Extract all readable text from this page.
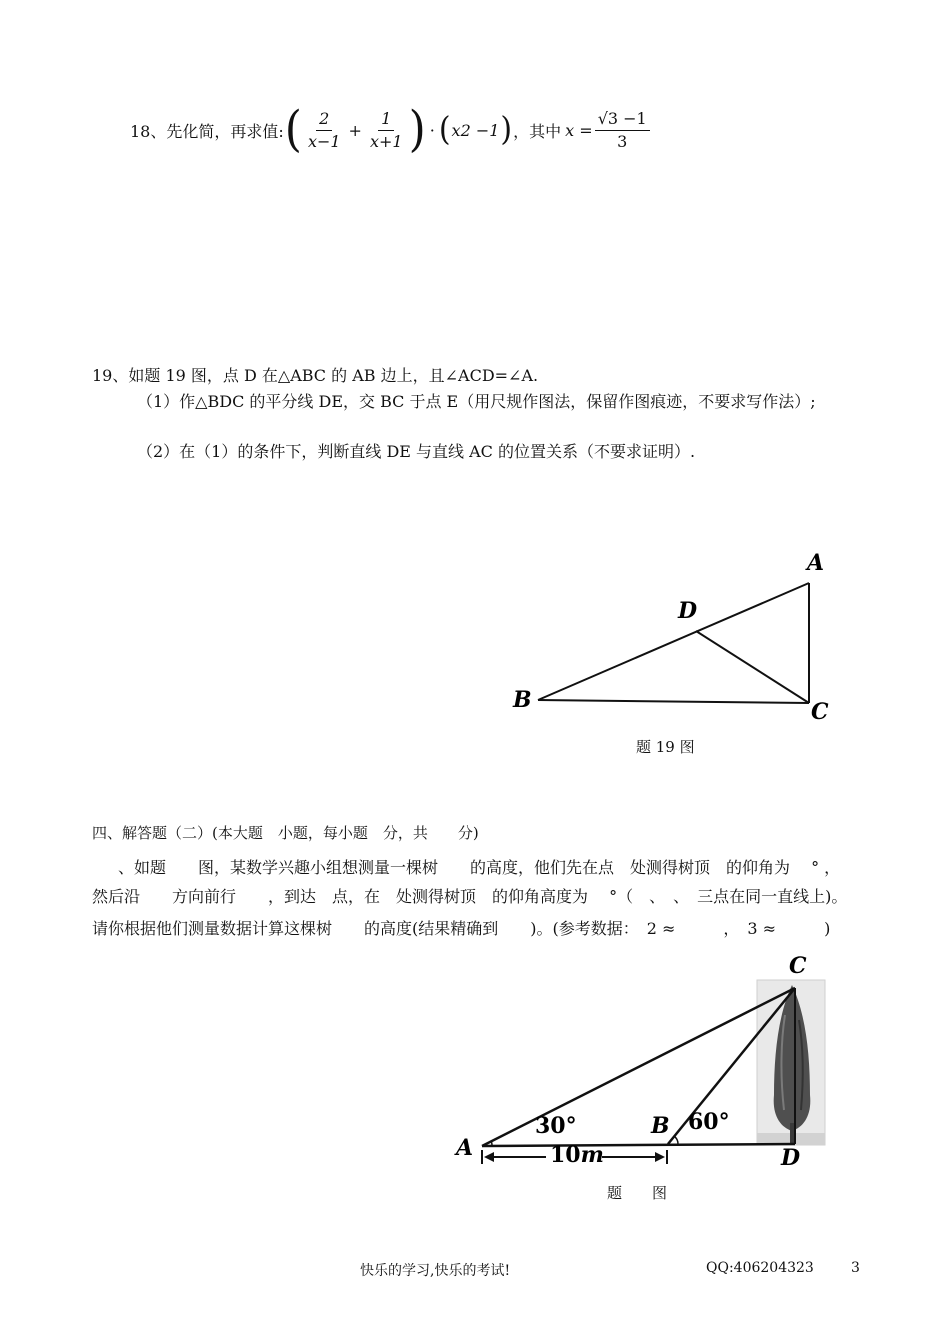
18、先化简，再求值: ( $\frac{2}{x-1} + \frac{1}{x+1}$ ) · ( x2 −1 ) ， 其中 $x = \frac{√3 -1}{3}$
19、如题 19 图，点 D 在△ABC 的 AB 边上，且∠ACD=∠A.
（1）作△BDC 的平分线 DE，交 BC 于点 E（用尺规作图法，保留作图痕迹，不要求写作法）;
（2）在（1）的条件下，判断直线 DE 与直线 AC 的位置关系（不要求证明）.
A
D
B	C
题 19 图
四、解答题（二）(本大题　小题，每小题　分，共　　分)
、如题　　图，某数学兴趣小组想测量一棵树　　的高度，他们先在点　处测得树顶　的仰角为　 ° ，
然后沿　　方向前行　　，到达　点，在　处测得树顶　的仰角高度为　 °（　、　、　三点在同一直线上)。
请你根据他们测量数据计算这棵树　　的高度(结果精确到　　)。(参考数据：　2 ≈　　　，　3 ≈　　　)
A
B
C
D
30°	60°
10m
题　　图
快乐的学习,快乐的考试!	QQ:406204323	3
